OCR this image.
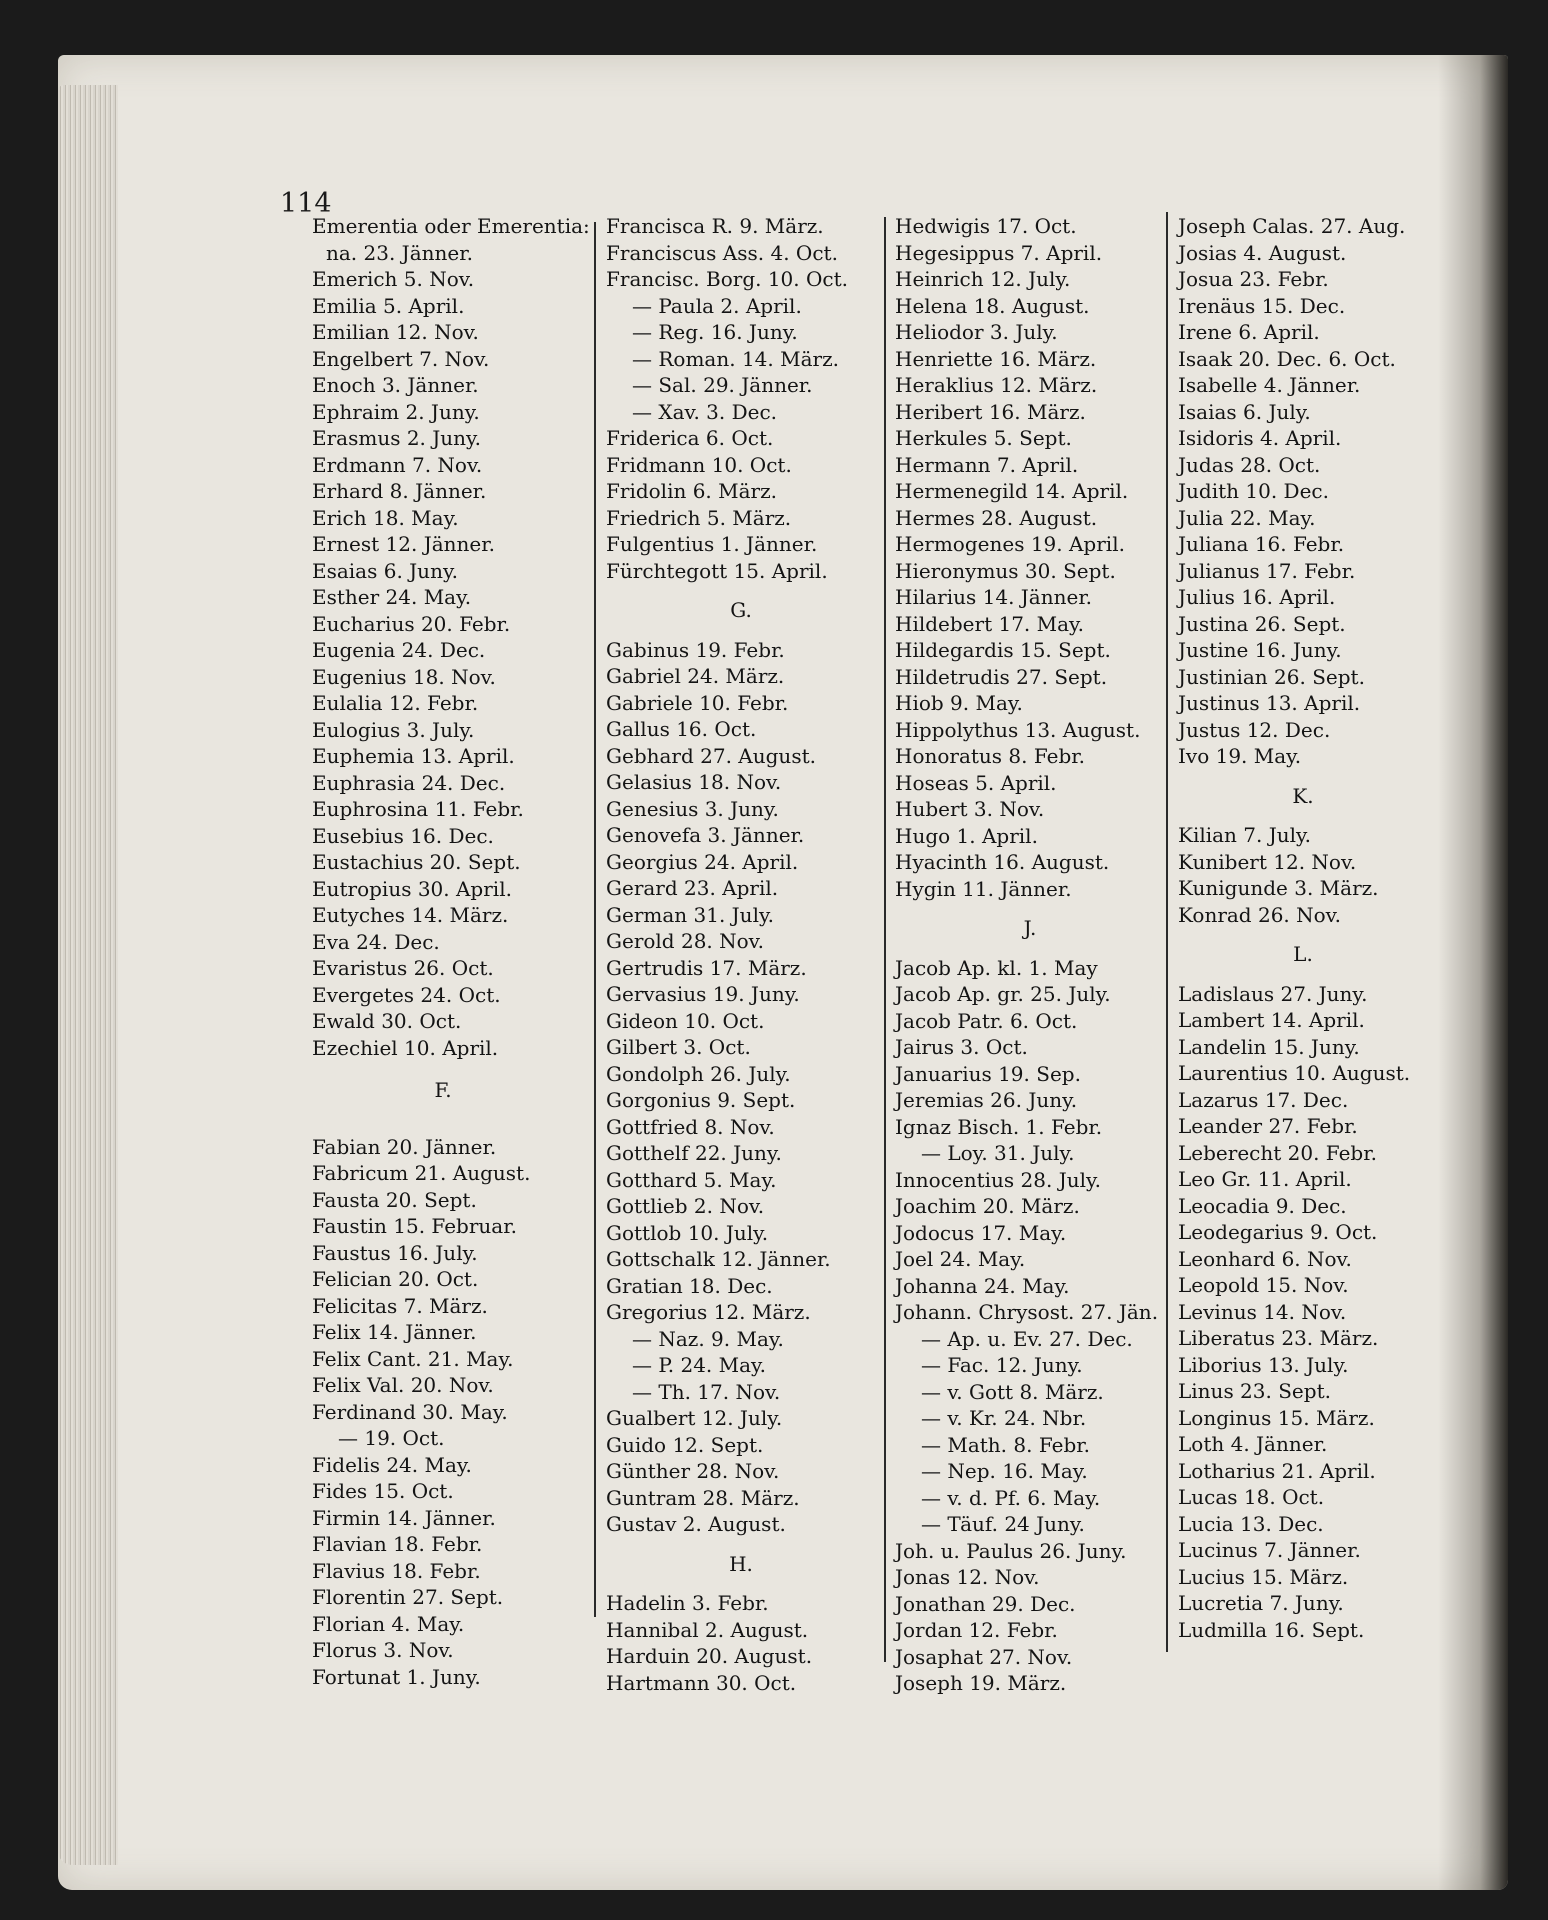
114
Emerentia oder Emerentia:
na. 23. Jänner.
Emerich 5. Nov.
Emilia 5. April.
Emilian 12. Nov.
Engelbert 7. Nov.
Enoch 3. Jänner.
Ephraim 2. Juny.
Erasmus 2. Juny.
Erdmann 7. Nov.
Erhard 8. Jänner.
Erich 18. May.
Ernest 12. Jänner.
Esaias 6. Juny.
Esther 24. May.
Eucharius 20. Febr.
Eugenia 24. Dec.
Eugenius 18. Nov.
Eulalia 12. Febr.
Eulogius 3. July.
Euphemia 13. April.
Euphrasia 24. Dec.
Euphrosina 11. Febr.
Eusebius 16. Dec.
Eustachius 20. Sept.
Eutropius 30. April.
Eutyches 14. März.
Eva 24. Dec.
Evaristus 26. Oct.
Evergetes 24. Oct.
Ewald 30. Oct.
Ezechiel 10. April.
F.
Fabian 20. Jänner.
Fabricum 21. August.
Fausta 20. Sept.
Faustin 15. Februar.
Faustus 16. July.
Felician 20. Oct.
Felicitas 7. März.
Felix 14. Jänner.
Felix Cant. 21. May.
Felix Val. 20. Nov.
Ferdinand 30. May.
— 19. Oct.
Fidelis 24. May.
Fides 15. Oct.
Firmin 14. Jänner.
Flavian 18. Febr.
Flavius 18. Febr.
Florentin 27. Sept.
Florian 4. May.
Florus 3. Nov.
Fortunat 1. Juny.
Francisca R. 9. März.
Franciscus Ass. 4. Oct.
Francisc. Borg. 10. Oct.
— Paula 2. April.
— Reg. 16. Juny.
— Roman. 14. März.
— Sal. 29. Jänner.
— Xav. 3. Dec.
Friderica 6. Oct.
Fridmann 10. Oct.
Fridolin 6. März.
Friedrich 5. März.
Fulgentius 1. Jänner.
Fürchtegott 15. April.
G.
Gabinus 19. Febr.
Gabriel 24. März.
Gabriele 10. Febr.
Gallus 16. Oct.
Gebhard 27. August.
Gelasius 18. Nov.
Genesius 3. Juny.
Genovefa 3. Jänner.
Georgius 24. April.
Gerard 23. April.
German 31. July.
Gerold 28. Nov.
Gertrudis 17. März.
Gervasius 19. Juny.
Gideon 10. Oct.
Gilbert 3. Oct.
Gondolph 26. July.
Gorgonius 9. Sept.
Gottfried 8. Nov.
Gotthelf 22. Juny.
Gotthard 5. May.
Gottlieb 2. Nov.
Gottlob 10. July.
Gottschalk 12. Jänner.
Gratian 18. Dec.
Gregorius 12. März.
— Naz. 9. May.
— P. 24. May.
— Th. 17. Nov.
Gualbert 12. July.
Guido 12. Sept.
Günther 28. Nov.
Guntram 28. März.
Gustav 2. August.
H.
Hadelin 3. Febr.
Hannibal 2. August.
Harduin 20. August.
Hartmann 30. Oct.
Hedwigis 17. Oct.
Hegesippus 7. April.
Heinrich 12. July.
Helena 18. August.
Heliodor 3. July.
Henriette 16. März.
Heraklius 12. März.
Heribert 16. März.
Herkules 5. Sept.
Hermann 7. April.
Hermenegild 14. April.
Hermes 28. August.
Hermogenes 19. April.
Hieronymus 30. Sept.
Hilarius 14. Jänner.
Hildebert 17. May.
Hildegardis 15. Sept.
Hildetrudis 27. Sept.
Hiob 9. May.
Hippolythus 13. August.
Honoratus 8. Febr.
Hoseas 5. April.
Hubert 3. Nov.
Hugo 1. April.
Hyacinth 16. August.
Hygin 11. Jänner.
J.
Jacob Ap. kl. 1. May
Jacob Ap. gr. 25. July.
Jacob Patr. 6. Oct.
Jairus 3. Oct.
Januarius 19. Sep.
Jeremias 26. Juny.
Ignaz Bisch. 1. Febr.
— Loy. 31. July.
Innocentius 28. July.
Joachim 20. März.
Jodocus 17. May.
Joel 24. May.
Johanna 24. May.
Johann. Chrysost. 27. Jän.
— Ap. u. Ev. 27. Dec.
— Fac. 12. Juny.
— v. Gott 8. März.
— v. Kr. 24. Nbr.
— Math. 8. Febr.
— Nep. 16. May.
— v. d. Pf. 6. May.
— Täuf. 24 Juny.
Joh. u. Paulus 26. Juny.
Jonas 12. Nov.
Jonathan 29. Dec.
Jordan 12. Febr.
Josaphat 27. Nov.
Joseph 19. März.
Joseph Calas. 27. Aug.
Josias 4. August.
Josua 23. Febr.
Irenäus 15. Dec.
Irene 6. April.
Isaak 20. Dec. 6. Oct.
Isabelle 4. Jänner.
Isaias 6. July.
Isidoris 4. April.
Judas 28. Oct.
Judith 10. Dec.
Julia 22. May.
Juliana 16. Febr.
Julianus 17. Febr.
Julius 16. April.
Justina 26. Sept.
Justine 16. Juny.
Justinian 26. Sept.
Justinus 13. April.
Justus 12. Dec.
Ivo 19. May.
K.
Kilian 7. July.
Kunibert 12. Nov.
Kunigunde 3. März.
Konrad 26. Nov.
L.
Ladislaus 27. Juny.
Lambert 14. April.
Landelin 15. Juny.
Laurentius 10. August.
Lazarus 17. Dec.
Leander 27. Febr.
Leberecht 20. Febr.
Leo Gr. 11. April.
Leocadia 9. Dec.
Leodegarius 9. Oct.
Leonhard 6. Nov.
Leopold 15. Nov.
Levinus 14. Nov.
Liberatus 23. März.
Liborius 13. July.
Linus 23. Sept.
Longinus 15. März.
Loth 4. Jänner.
Lotharius 21. April.
Lucas 18. Oct.
Lucia 13. Dec.
Lucinus 7. Jänner.
Lucius 15. März.
Lucretia 7. Juny.
Ludmilla 16. Sept.
